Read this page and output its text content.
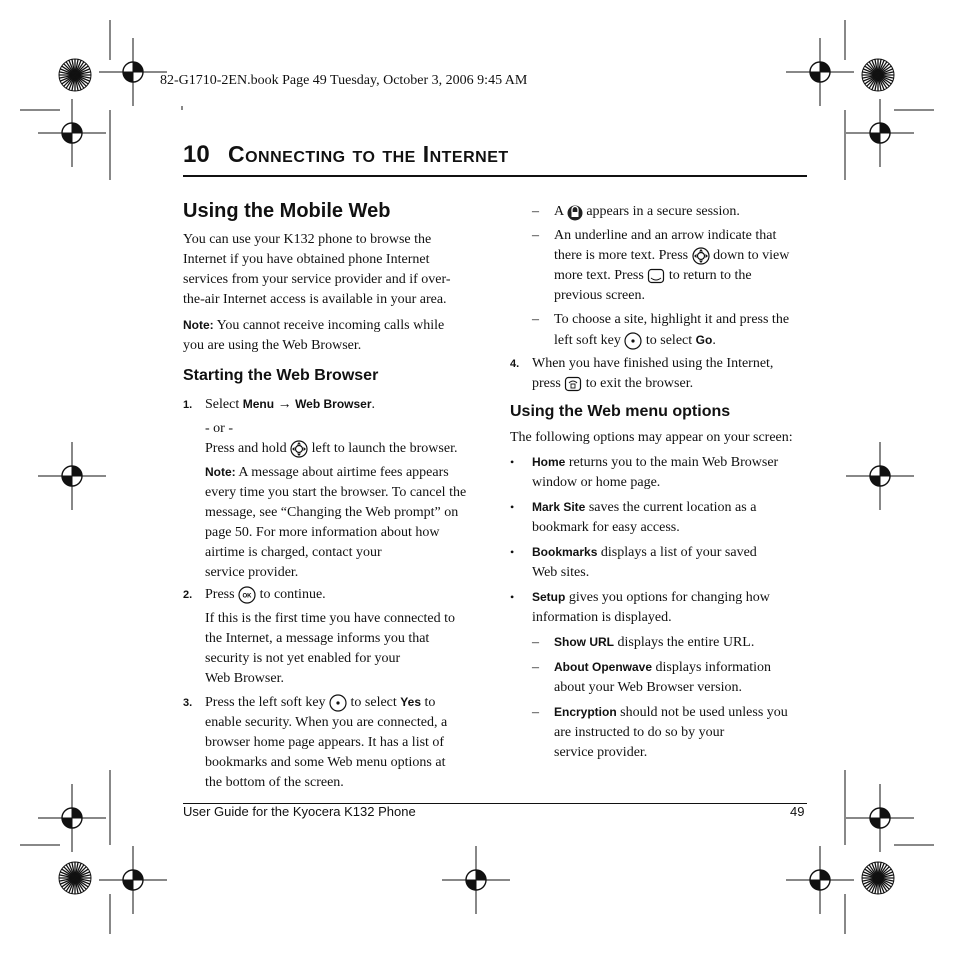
82-G1710-2EN.book Page 49 Tuesday, October 3, 2006 9:45 AM
10 Connecting to the Internet
Using the Mobile Web
You can use your K132 phone to browse the
Internet if you have obtained phone Internet
services from your service provider and if over-
the-air Internet access is available in your area.
Note: You cannot receive incoming calls while
you are using the Web Browser.
Starting the Web Browser
1. Select Menu → Web Browser.
- or -
Press and hold left to launch the browser.
Note: A message about airtime fees appears
every time you start the browser. To cancel the
message, see “Changing the Web prompt” on
page 50. For more information about how
airtime is charged, contact your
service provider.
2. Press OK to continue.
If this is the first time you have connected to
the Internet, a message informs you that
security is not yet enabled for your
Web Browser.
3. Press the left soft key to select Yes to
enable security. When you are connected, a
browser home page appears. It has a list of
bookmarks and some Web menu options at
the bottom of the screen.
– A appears in a secure session.
– An underline and an arrow indicate that
there is more text. Press down to view
more text. Press to return to the
previous screen.
– To choose a site, highlight it and press the
left soft key to select Go.
4. When you have finished using the Internet,
press to exit the browser.
Using the Web menu options
The following options may appear on your screen:
• Home returns you to the main Web Browser
window or home page.
• Mark Site saves the current location as a
bookmark for easy access.
• Bookmarks displays a list of your saved
Web sites.
• Setup gives you options for changing how
information is displayed.
– Show URL displays the entire URL.
– About Openwave displays information
about your Web Browser version.
– Encryption should not be used unless you
are instructed to do so by your
service provider.
User Guide for the Kyocera K132 Phone	49
